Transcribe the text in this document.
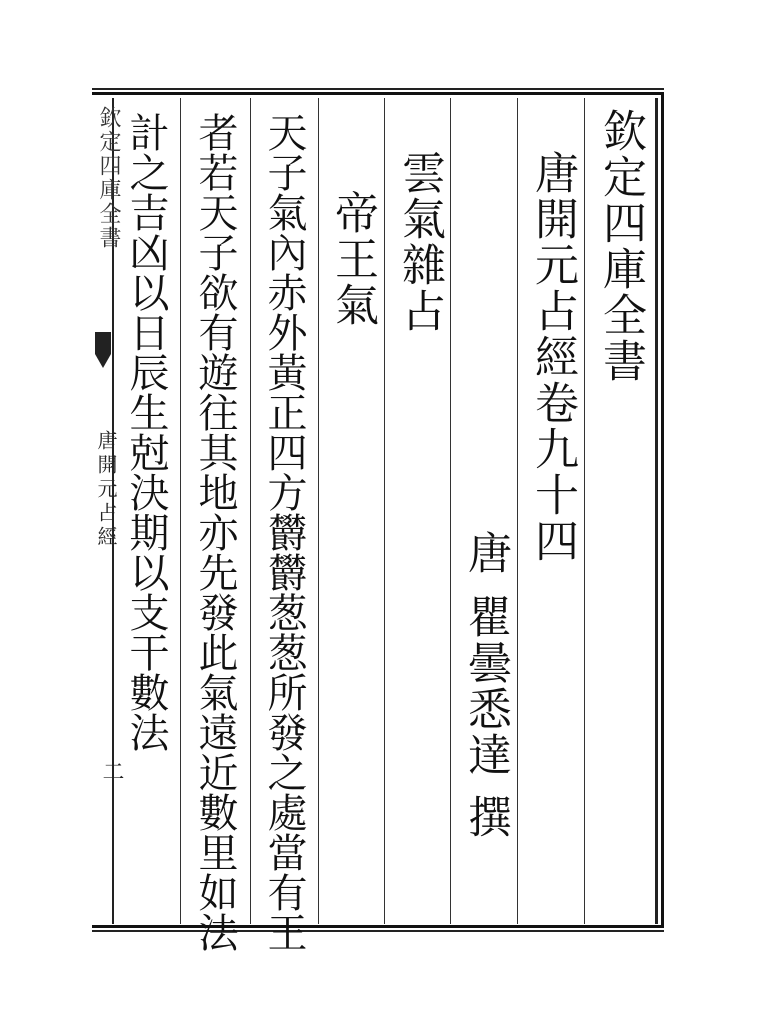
欽定四庫全書
唐開元占經卷九十四
唐
瞿曇悉達
撰
雲氣雜占
帝王氣
天子氣內赤外黃正四方欝欝葱葱所發之處當有王
者若天子欲有遊往其地亦先發此氣遠近數里如法
計之吉凶以日辰生尅決期以支干數法
欽定四庫全書
唐開元占經
二
